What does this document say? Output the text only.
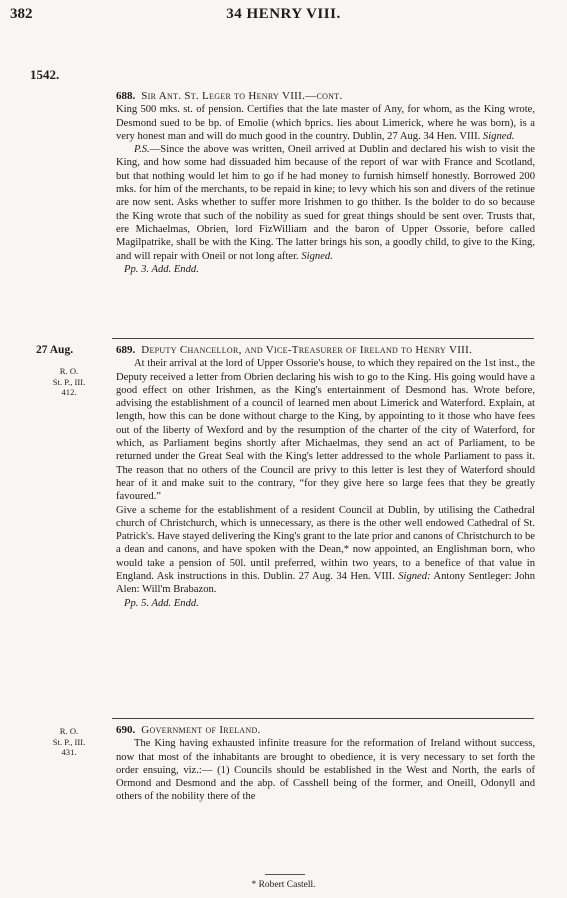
382	34 HENRY VIII.
1542.
688. Sir Ant. St. Leger to Henry VIII.—cont.

King 500 mks. st. of pension. Certifies that the late master of Any, for whom, as the King wrote, Desmond sued to be bp. of Emolie (which bprics. lies about Limerick, where he was born), is a very honest man and will do much good in the country. Dublin, 27 Aug. 34 Hen. VIII. Signed.

P.S.—Since the above was written, Oneil arrived at Dublin and declared his wish to visit the King, and how some had dissuaded him because of the report of war with France and Scotland, but that nothing would let him to go if he had money to furnish himself honestly. Borrowed 200 mks. for him of the merchants, to be repaid in kine; to levy which his son and divers of the retinue are now sent. Asks whether to suffer more Irishmen to go thither. Is the bolder to do so because the King wrote that such of the nobility as sued for great things should be sent over. Trusts that, ere Michaelmas, Obrien, lord FizWilliam and the baron of Upper Ossorie, before called Magilpatrike, shall be with the King. The latter brings his son, a goodly child, to give to the King, and will repair with Oneil or not long after. Signed.

Pp. 3. Add. Endd.

27 Aug.
R. O.
St. P., III.
412.
689. Deputy Chancellor, and Vice-Treasurer of Ireland to Henry VIII.

At their arrival at the lord of Upper Ossorie's house, to which they repaired on the 1st inst., the Deputy received a letter from Obrien declaring his wish to go to the King. His going would have a good effect on other Irishmen, as the King's entertainment of Desmond has. Wrote before, advising the establishment of a council of learned men about Limerick and Waterford. Explain, at length, how this can be done without charge to the King, by appointing to it those who have fees out of the liberty of Wexford and by the resumption of the charter of the city of Waterford, for which, as Parliament begins shortly after Michaelmas, they send an act of Parliament, to be returned under the Great Seal with the King's letter addressed to the whole Parliament to pass it. The reason that no others of the Council are privy to this letter is lest they of Waterford should hear of it and make suit to the contrary, “for they give here so large fees that they be greatly favoured.”

Give a scheme for the establishment of a resident Council at Dublin, by utilising the Cathedral church of Christchurch, which is unnecessary, as there is the other well endowed Cathedral of St. Patrick's. Have stayed delivering the King's grant to the late prior and canons of Christchurch to be a dean and canons, and have spoken with the Dean,* now appointed, an Englishman born, who would take a pension of 50l. until preferred, within two years, to a benefice of that value in England. Ask instructions in this. Dublin. 27 Aug. 34 Hen. VIII. Signed: Antony Sentleger: John Alen: Will'm Brabazon.

Pp. 5. Add. Endd.

R. O.
St. P., III.
431.
690. Government of Ireland.

The King having exhausted infinite treasure for the reformation of Ireland without success, now that most of the inhabitants are brought to obedience, it is very necessary to set forth the order ensuing, viz.:— (1) Councils should be established in the West and North, the earls of Ormond and Desmond and the abp. of Casshell being of the former, and Oneill, Odonyll and others of the nobility there of the

* Robert Castell.
